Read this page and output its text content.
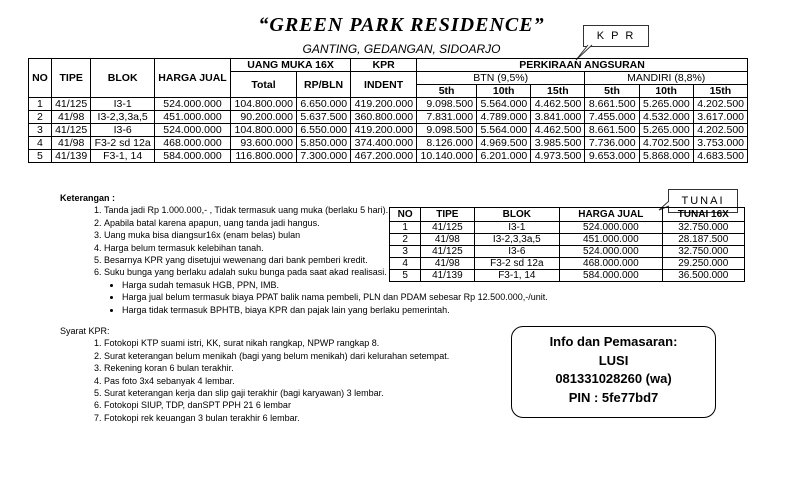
“GREEN PARK RESIDENCE”
GANTING, GEDANGAN, SIDOARJO
K P R
NO	TIPE	BLOK	HARGA JUAL	UANG MUKA 16X		KPR	PERKIRAAN ANGSURAN					
				Total	RP/BLN	INDENT	BTN (9,5%)			MANDIRI (8,8%)		
							5th	10th	15th	5th	10th	15th
1	41/125	I3-1	524.000.000	104.800.000	6.650.000	419.200.000	9.098.500	5.564.000	4.462.500	8.661.500	5.265.000	4.202.500
2	41/98	I3-2,3,3a,5	451.000.000	90.200.000	5.637.500	360.800.000	7.831.000	4.789.000	3.841.000	7.455.000	4.532.000	3.617.000
3	41/125	I3-6	524.000.000	104.800.000	6.550.000	419.200.000	9.098.500	5.564.000	4.462.500	8.661.500	5.265.000	4.202.500
4	41/98	F3-2 sd 12a	468.000.000	93.600.000	5.850.000	374.400.000	8.126.000	4.969.500	3.985.500	7.736.000	4.702.500	3.753.000
5	41/139	F3-1, 14	584.000.000	116.800.000	7.300.000	467.200.000	10.140.000	6.201.000	4.973.500	9.653.000	5.868.000	4.683.500
TUNAI
NO	TIPE	BLOK	HARGA JUAL	TUNAI 16X
1	41/125	I3-1	524.000.000	32.750.000
2	41/98	I3-2,3,3a,5	451.000.000	28.187.500
3	41/125	I3-6	524.000.000	32.750.000
4	41/98	F3-2 sd 12a	468.000.000	29.250.000
5	41/139	F3-1, 14	584.000.000	36.500.000
Keterangan :
1. Tanda jadi Rp 1.000.000,- , Tidak termasuk uang muka (berlaku 5 hari).
2. Apabila batal karena apapun, uang tanda jadi hangus.
3. Uang muka bisa diangsur16x (enam belas) bulan
4. Harga belum termasuk kelebihan tanah.
5. Besarnya KPR yang disetujui wewenang dari bank pemberi kredit.
6. Suku bunga yang berlaku adalah suku bunga pada saat akad realisasi.
• Harga sudah temasuk HGB, PPN, IMB.
• Harga jual belum termasuk biaya PPAT balik nama pembeli, PLN dan PDAM sebesar Rp 12.500.000,-/unit.
• Harga tidak termasuk BPHTB, biaya KPR dan pajak lain yang berlaku pemerintah.
Syarat KPR:
1. Fotokopi KTP suami istri, KK, surat nikah rangkap, NPWP rangkap 8.
2. Surat keterangan belum menikah (bagi yang belum menikah) dari kelurahan setempat.
3. Rekening koran 6 bulan terakhir.
4. Pas foto 3x4 sebanyak 4 lembar.
5. Surat keterangan kerja dan slip gaji terakhir (bagi karyawan) 3 lembar.
6. Fotokopi SIUP, TDP, danSPT PPH 21 6 lembar
7. Fotokopi rek keuangan 3 bulan terakhir 6 lembar.
Info dan Pemasaran:
LUSI
081331028260 (wa)
PIN : 5fe77bd7
